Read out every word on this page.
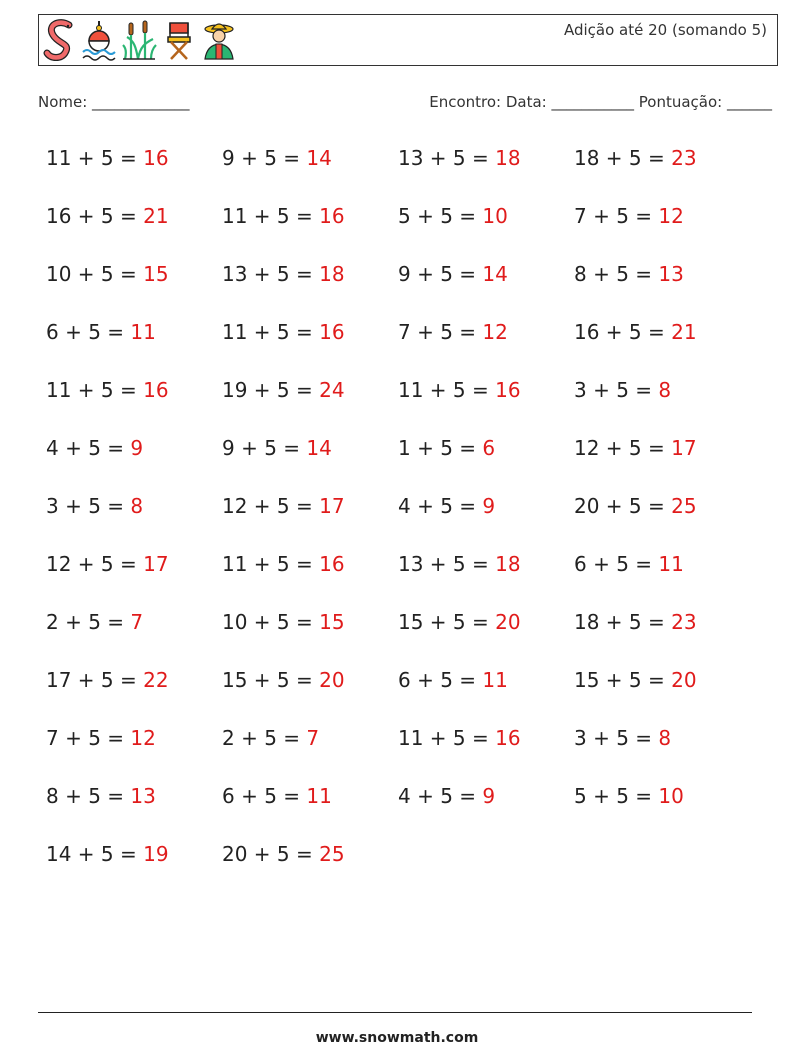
Adição até 20 (somando 5)
Nome: _____________	Encontro: Data: ___________ Pontuação: ______
11 + 5 = 16	9 + 5 = 14	13 + 5 = 18	18 + 5 = 23
16 + 5 = 21	11 + 5 = 16	5 + 5 = 10	7 + 5 = 12
10 + 5 = 15	13 + 5 = 18	9 + 5 = 14	8 + 5 = 13
6 + 5 = 11	11 + 5 = 16	7 + 5 = 12	16 + 5 = 21
11 + 5 = 16	19 + 5 = 24	11 + 5 = 16	3 + 5 = 8
4 + 5 = 9	9 + 5 = 14	1 + 5 = 6	12 + 5 = 17
3 + 5 = 8	12 + 5 = 17	4 + 5 = 9	20 + 5 = 25
12 + 5 = 17	11 + 5 = 16	13 + 5 = 18	6 + 5 = 11
2 + 5 = 7	10 + 5 = 15	15 + 5 = 20	18 + 5 = 23
17 + 5 = 22	15 + 5 = 20	6 + 5 = 11	15 + 5 = 20
7 + 5 = 12	2 + 5 = 7	11 + 5 = 16	3 + 5 = 8
8 + 5 = 13	6 + 5 = 11	4 + 5 = 9	5 + 5 = 10
14 + 5 = 19	20 + 5 = 25
www.snowmath.com
